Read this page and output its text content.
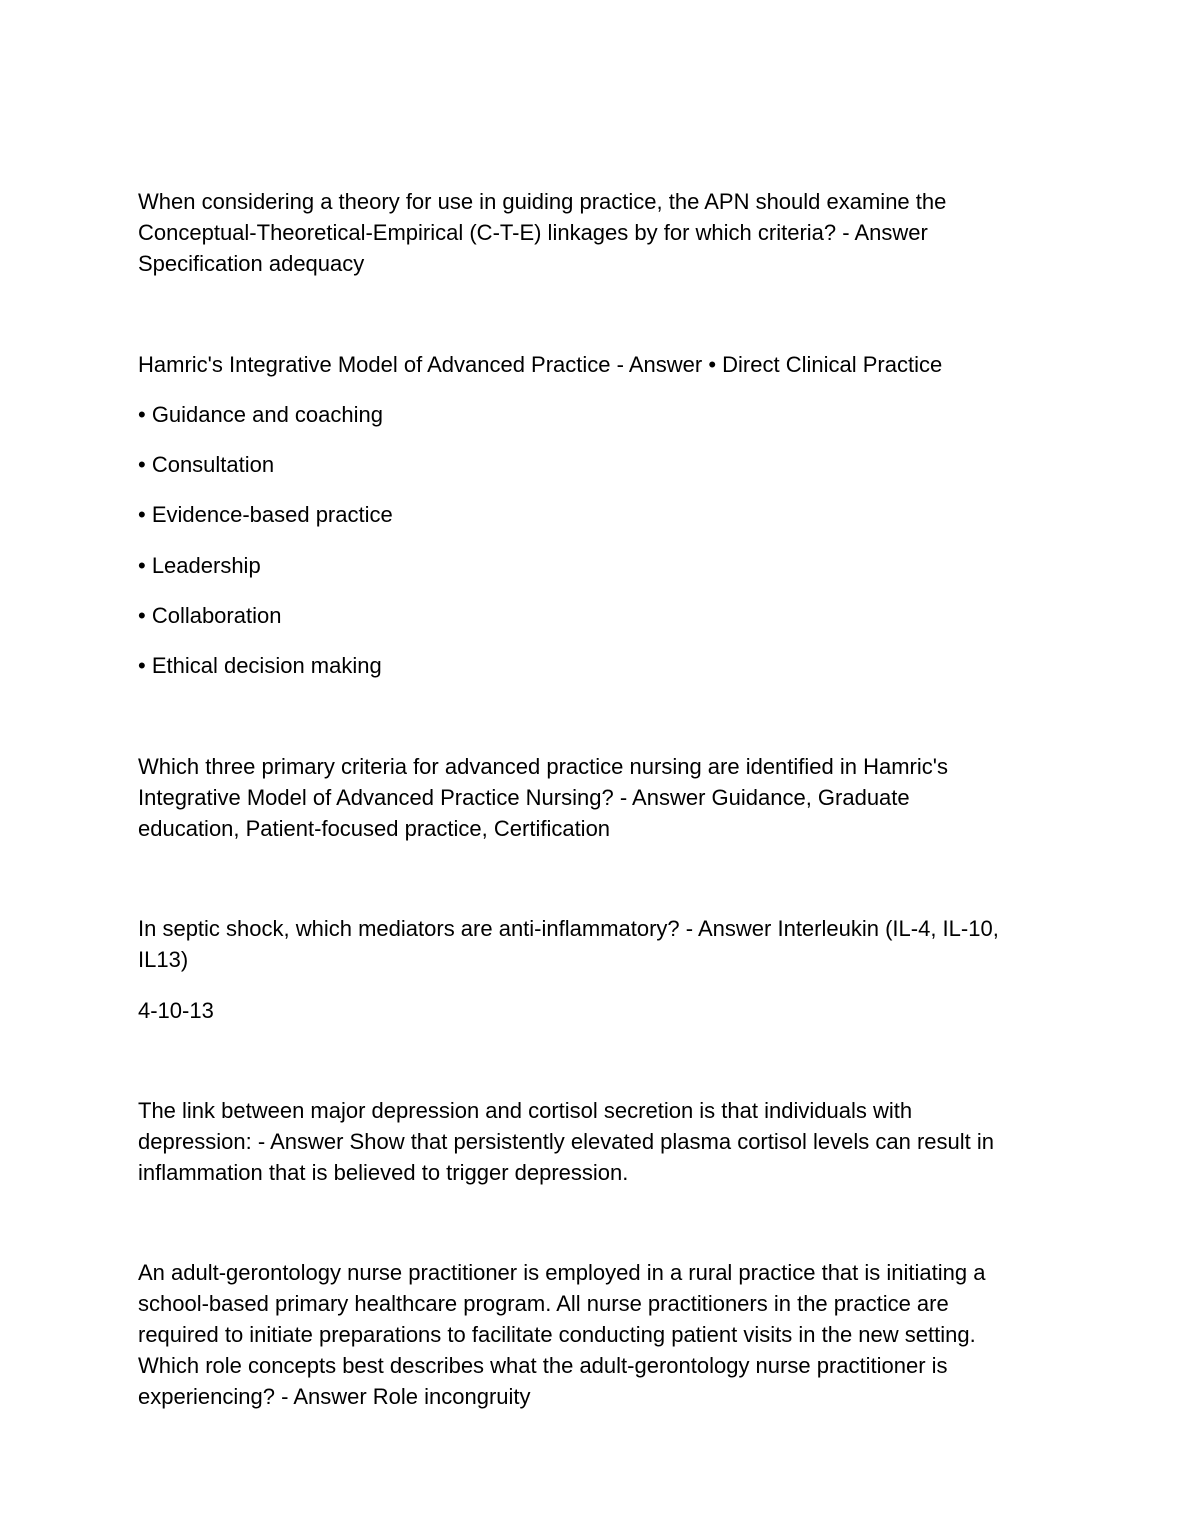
When considering a theory for use in guiding practice, the APN should examine the
Conceptual-Theoretical-Empirical (C-T-E) linkages by for which criteria? - Answer
Specification adequacy

Hamric's Integrative Model of Advanced Practice - Answer • Direct Clinical Practice

• Guidance and coaching

• Consultation

• Evidence-based practice

• Leadership

• Collaboration

• Ethical decision making

Which three primary criteria for advanced practice nursing are identified in Hamric's
Integrative Model of Advanced Practice Nursing? - Answer Guidance, Graduate
education, Patient-focused practice, Certification

In septic shock, which mediators are anti-inflammatory? - Answer Interleukin (IL-4, IL-10,
IL13)

4-10-13

The link between major depression and cortisol secretion is that individuals with
depression: - Answer Show that persistently elevated plasma cortisol levels can result in
inflammation that is believed to trigger depression.

An adult-gerontology nurse practitioner is employed in a rural practice that is initiating a
school-based primary healthcare program. All nurse practitioners in the practice are
required to initiate preparations to facilitate conducting patient visits in the new setting.
Which role concepts best describes what the adult-gerontology nurse practitioner is
experiencing? - Answer Role incongruity
